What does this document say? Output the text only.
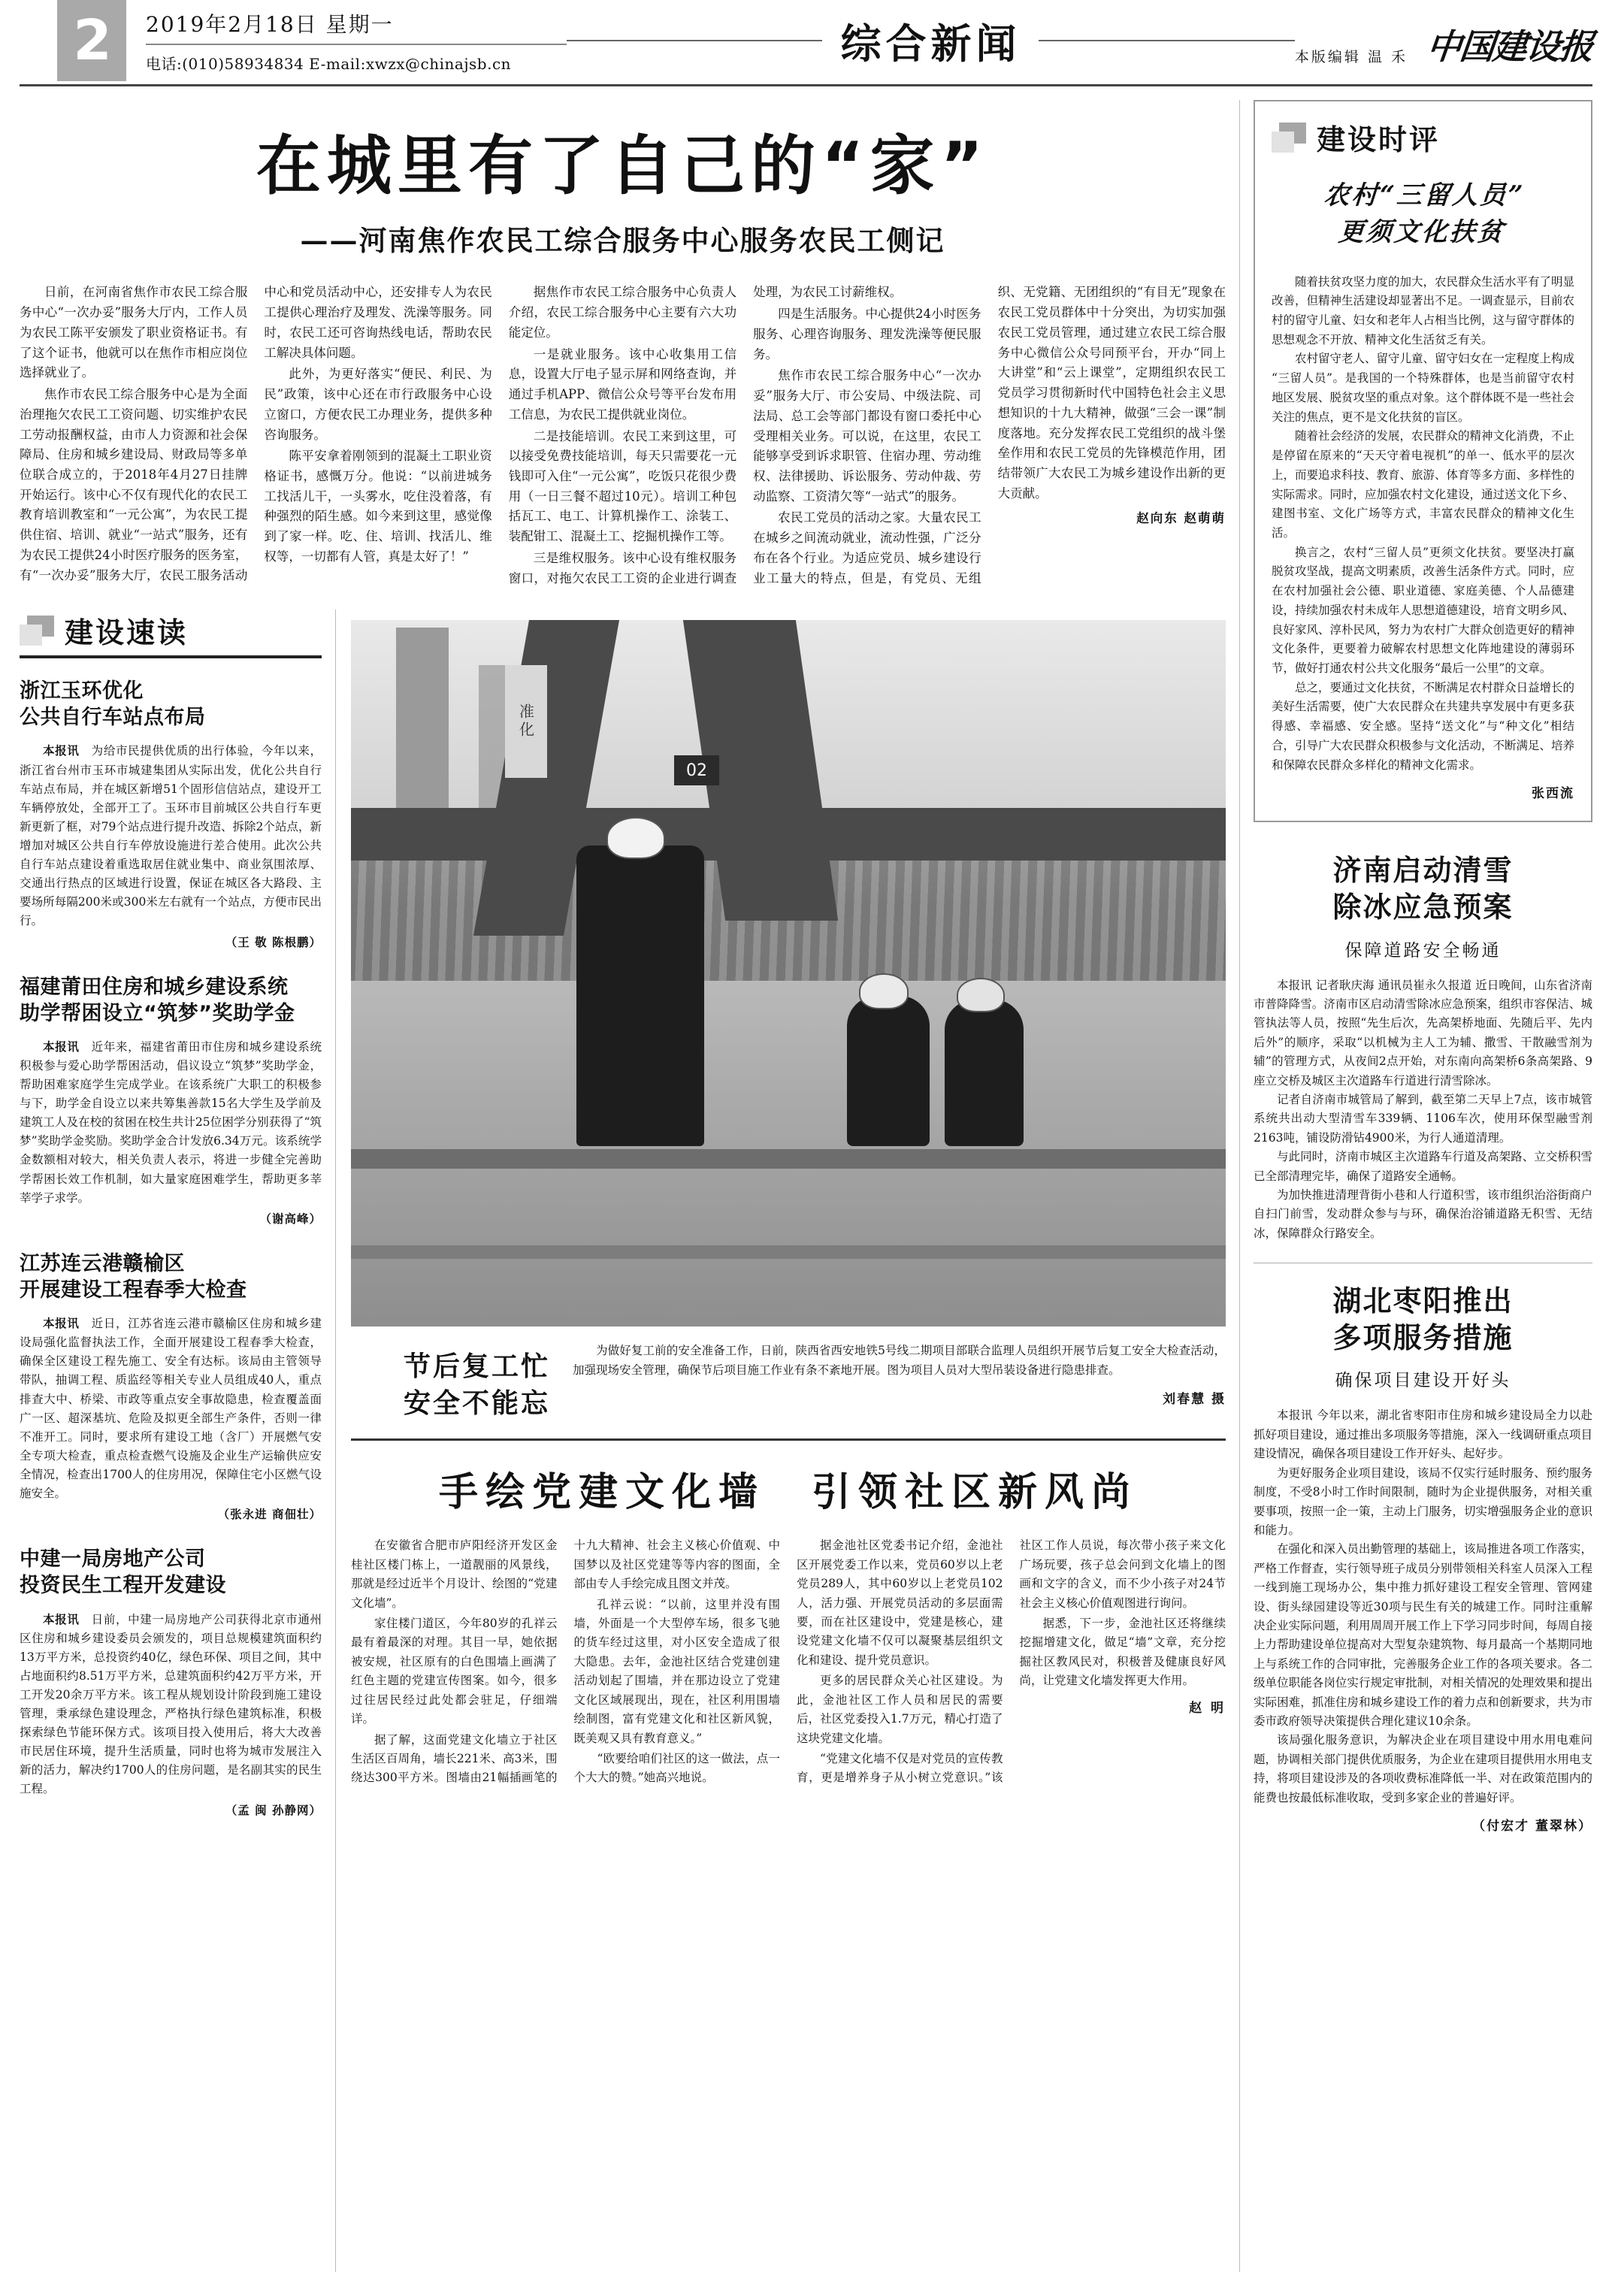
2	2019年2月18日 星期一
电话:(010)58934834 E-mail:xwzx@chinajsb.cn	综合新闻	本版编辑 温 禾 中国建设报
在城里有了自己的“家”
——河南焦作农民工综合服务中心服务农民工侧记

日前，在河南省焦作市农民工综合服务中心“一次办妥”服务大厅内，工作人员为农民工陈平安颁发了职业资格证书。有了这个证书，他就可以在焦作市相应岗位选择就业了。

焦作市农民工综合服务中心是为全面治理拖欠农民工工资问题、切实维护农民工劳动报酬权益，由市人力资源和社会保障局、住房和城乡建设局、财政局等多单位联合成立的，于2018年4月27日挂牌开始运行。该中心不仅有现代化的农民工教育培训教室和“一元公寓”，为农民工提供住宿、培训、就业“一站式”服务，还有为农民工提供24小时医疗服务的医务室，有“一次办妥”服务大厅，农民工服务活动中心和党员活动中心，还安排专人为农民工提供心理治疗及理发、洗澡等服务。同时，农民工还可咨询热线电话，帮助农民工解决具体问题。

此外，为更好落实“便民、利民、为民”政策，该中心还在市行政服务中心设立窗口，方便农民工办理业务，提供多种咨询服务。

陈平安拿着刚领到的混凝土工职业资格证书，感慨万分。他说：“以前进城务工找活儿干，一头雾水，吃住没着落，有种强烈的陌生感。如今来到这里，感觉像到了家一样。吃、住、培训、找活儿、维权等，一切都有人管，真是太好了！”

据焦作市农民工综合服务中心负责人介绍，农民工综合服务中心主要有六大功能定位。

一是就业服务。该中心收集用工信息，设置大厅电子显示屏和网络查询，并通过手机APP、微信公众号等平台发布用工信息，为农民工提供就业岗位。

二是技能培训。农民工来到这里，可以接受免费技能培训，每天只需要花一元钱即可入住“一元公寓”，吃饭只花很少费用（一日三餐不超过10元）。培训工种包括瓦工、电工、计算机操作工、涂装工、装配钳工、混凝土工、挖掘机操作工等。

三是维权服务。该中心设有维权服务窗口，对拖欠农民工工资的企业进行调查处理，为农民工讨薪维权。

四是生活服务。中心提供24小时医务服务、心理咨询服务、理发洗澡等便民服务。

焦作市农民工综合服务中心“一次办妥”服务大厅、市公安局、中级法院、司法局、总工会等部门都设有窗口委托中心受理相关业务。可以说，在这里，农民工能够享受到诉求职管、住宿办理、劳动维权、法律援助、诉讼服务、劳动仲裁、劳动监察、工资清欠等“一站式”的服务。

农民工党员的活动之家。大量农民工在城乡之间流动就业，流动性强，广泛分布在各个行业。为适应党员、城乡建设行业工量大的特点，但是，有党员、无组织、无党籍、无团组织的“有目无”现象在农民工党员群体中十分突出，为切实加强农民工党员管理，通过建立农民工综合服务中心微信公众号同预平台，开办“同上大讲堂”和“云上课堂”，定期组织农民工党员学习贯彻新时代中国特色社会主义思想知识的十九大精神，做强“三会一课”制度落地。充分发挥农民工党组织的战斗堡垒作用和农民工党员的先锋模范作用，团结带领广大农民工为城乡建设作出新的更大贡献。

赵向东 赵萌萌
建设速读
浙江玉环优化
公共自行车站点布局

本报讯　 为给市民提供优质的出行体验，今年以来，浙江省台州市玉环市城建集团从实际出发，优化公共自行车站点布局，并在城区新增51个固形信信站点，建设开工车辆停放处，全部开工了。玉环市目前城区公共自行车更新更新了框，对79个站点进行提升改造、拆除2个站点，新增加对城区公共自行车停放设施进行差合使用。此次公共自行车站点建设着重选取居住就业集中、商业氛围浓厚、交通出行热点的区域进行设置，保证在城区各大路段、主要场所每隔200米或300米左右就有一个站点，方便市民出行。
（王 敬 陈根鹏）

福建莆田住房和城乡建设系统
助学帮困设立“筑梦”奖助学金

本报讯　 近年来，福建省莆田市住房和城乡建设系统积极参与爱心助学帮困活动，倡议设立“筑梦”奖助学金，帮助困难家庭学生完成学业。在该系统广大职工的积极参与下，助学金自设立以来共筹集善款15名大学生及学前及建筑工人及在校的贫困在校生共计25位困学分别获得了“筑梦”奖助学金奖励。奖助学金合计发放6.34万元。该系统学金数额相对较大，相关负责人表示，将进一步健全完善助学帮困长效工作机制，如大量家庭困难学生，帮助更多莘莘学子求学。
（谢高峰）

江苏连云港赣榆区
开展建设工程春季大检查

本报讯　 近日，江苏省连云港市赣榆区住房和城乡建设局强化监督执法工作，全面开展建设工程春季大检查，确保全区建设工程先施工、安全有达标。该局由主管领导带队，抽调工程、质监经等相关专业人员组成40人，重点排查大中、桥梁、市政等重点安全事故隐患，检查覆盖面广一区、超深基坑、危险及拟更全部生产条件，否则一律不准开工。同时，要求所有建设工地（含厂）开展燃气安全专项大检查，重点检查燃气设施及企业生产运输供应安全情况，检查出1700人的住房用况，保障住宅小区燃气设施安全。
（张永进 商佃壮）

中建一局房地产公司
投资民生工程开发建设

本报讯　 日前，中建一局房地产公司获得北京市通州区住房和城乡建设委员会颁发的，项目总规模建筑面积约13万平方米，总投资约40亿，绿色环保、项目之间，其中占地面积约8.51万平方米，总建筑面积约42万平方米，开工开发20余万平方米。该工程从规划设计阶段到施工建设管理，秉承绿色建设理念，严格执行绿色建筑标准，积极探索绿色节能环保方式。该项目投入使用后，将大大改善市民居住环境，提升生活质量，同时也将为城市发展注入新的活力，解决约1700人的住房问题，是名副其实的民生工程。
（孟 闽 孙静网）

02
准化
节后复工忙
安全不能忘

为做好复工前的安全准备工作，日前，陕西省西安地铁5号线二期项目部联合监理人员组织开展节后复工安全大检查活动，加强现场安全管理，确保节后项目施工作业有条不紊地开展。图为项目人员对大型吊装设备进行隐患排查。

刘春慧 摄
手绘党建文化墙　引领社区新风尚

在安徽省合肥市庐阳经济开发区金桂社区楼门栋上，一道靓丽的风景线，那就是经过近半个月设计、绘图的“党建文化墙”。

家住楼门道区，今年80岁的孔祥云最有着最深的对理。其目一早，她依据被安规，社区原有的白色围墙上画满了红色主题的党建宣传图案。如今，很多过往居民经过此处都会驻足，仔细端详。

据了解，这面党建文化墙立于社区生活区百周角，墙长221米、高3米，围绕达300平方米。图墙由21幅插画笔的十九大精神、社会主义核心价值观、中国梦以及社区党建等等内容的图面，全部由专人手绘完成且图文并茂。

孔祥云说：“以前，这里并没有围墙，外面是一个大型停车场，很多飞驰的货车经过这里，对小区安全造成了很大隐患。去年，金池社区结合党建创建活动划起了围墙，并在那边设立了党建文化区域展现出，现在，社区利用围墙绘制图，富有党建文化和社区新风貌，既美观又具有教育意义。”

“欧要给咱们社区的这一做法，点一个大大的赞。”她高兴地说。

据金池社区党委书记介绍，金池社区开展党委工作以来，党员60岁以上老党员289人，其中60岁以上老党员102人，活力强、开展党员活动的多层面需要，而在社区建设中，党建是核心，建设党建文化墙不仅可以凝聚基层组织文化和建设、提升党员意识。

更多的居民群众关心社区建设。为此，金池社区工作人员和居民的需要后，社区党委投入1.7万元，精心打造了这块党建文化墙。

“党建文化墙不仅是对党员的宣传教育，更是增养身子从小树立党意识。”该社区工作人员说，每次带小孩子来文化广场玩要，孩子总会问到文化墙上的图画和文字的含义，而不少小孩子对24节社会主义核心价值观图进行询问。

据悉，下一步，金池社区还将继续挖掘增建文化，做足“墙”文章，充分挖掘社区教风民对，积极普及健康良好风尚，让党建文化墙发挥更大作用。

赵 明
建设时评
农村“三留人员”
更须文化扶贫

随着扶贫攻坚力度的加大，农民群众生活水平有了明显改善，但精神生活建设却显著出不足。一调查显示，目前农村的留守儿童、妇女和老年人占相当比例，这与留守群体的思想观念不开放、精神文化生活贫乏有关。

农村留守老人、留守儿童、留守妇女在一定程度上构成“三留人员”。是我国的一个特殊群体，也是当前留守农村地区发展、脱贫攻坚的重点对象。这个群体既不是一些社会关注的焦点，更不是文化扶贫的盲区。

随着社会经济的发展，农民群众的精神文化消费，不止是停留在原来的“天天守着电视机”的单一、低水平的层次上，而要追求科技、教育、旅游、体育等多方面、多样性的实际需求。同时，应加强农村文化建设，通过送文化下乡、建图书室、文化广场等方式，丰富农民群众的精神文化生活。

换言之，农村“三留人员”更须文化扶贫。要坚决打赢脱贫攻坚战，提高文明素质，改善生活条件方式。同时，应在农村加强社会公德、职业道德、家庭美德、个人品德建设，持续加强农村未成年人思想道德建设，培育文明乡风、良好家风、淳朴民风，努力为农村广大群众创造更好的精神文化条件，更要着力破解农村思想文化阵地建设的薄弱环节，做好打通农村公共文化服务“最后一公里”的文章。

总之，要通过文化扶贫，不断满足农村群众日益增长的美好生活需要，使广大农民群众在共建共享发展中有更多获得感、幸福感、安全感。坚持“送文化”与“种文化”相结合，引导广大农民群众积极参与文化活动，不断满足、培养和保障农民群众多样化的精神文化需求。

张西流
济南启动清雪
除冰应急预案
保障道路安全畅通

本报讯 记者耿庆海 通讯员崔永久报道 近日晚间，山东省济南市普降降雪。济南市区启动清雪除冰应急预案，组织市容保洁、城管执法等人员，按照“先生后次，先高架桥地面、先随后平、先内后外”的顺序，采取“以机械为主人工为辅、撒雪、干散融雪剂为辅”的管理方式，从夜间2点开始，对东南向高架桥6条高架路、9座立交桥及城区主次道路车行道进行清雪除冰。

记者自济南市城管局了解到，截至第二天早上7点，该市城管系统共出动大型清雪车339辆、1106车次，使用环保型融雪剂2163吨，铺设防滑钻4900米，为行人通道清理。

与此同时，济南市城区主次道路车行道及高架路、立交桥积雪已全部清理完毕，确保了道路安全通畅。

为加快推进清理背街小巷和人行道积雪，该市组织治浴街商户自扫门前雪，发动群众参与与环，确保治浴铺道路无积雪、无结冰，保障群众行路安全。

湖北枣阳推出
多项服务措施
确保项目建设开好头

本报讯 今年以来，湖北省枣阳市住房和城乡建设局全力以赴抓好项目建设，通过推出多项服务等措施，深入一线调研重点项目建设情况，确保各项目建设工作开好头、起好步。

为更好服务企业项目建设，该局不仅实行延时服务、预约服务制度，不受8小时工作时间限制，随时为企业提供服务，对相关重要事项，按照一企一策，主动上门服务，切实增强服务企业的意识和能力。

在强化和深入员出勤管理的基础上，该局推进各项工作落实，严格工作督查，实行领导班子成员分别带领相关科室人员深入工程一线到施工现场办公，集中推力抓好建设工程安全管理、管网建设、街头绿园建设等近30项与民生有关的城建工作。同时注重解决企业实际问题，利用周周开展工作上下学习同步时间，每周自接上力帮助建设单位提高对大型复杂建筑物、每月最高一个基期同地上与系统工作的合同审批，完善服务企业工作的各项关要求。各二级单位职能各岗位实行规定审批制，对相关情况的处理效果和提出实际困难，抓准住房和城乡建设工作的着力点和创新要求，共为市委市政府领导决策提供合理化建议10余条。

该局强化服务意识，为解决企业在项目建设中用水用电难问题，协调相关部门提供优质服务，为企业在建项目提供用水用电支持，将项目建设涉及的各项收费标准降低一半、对在政策范围内的能费也按最低标准收取，受到多家企业的普遍好评。

（付宏才 董翠林）
